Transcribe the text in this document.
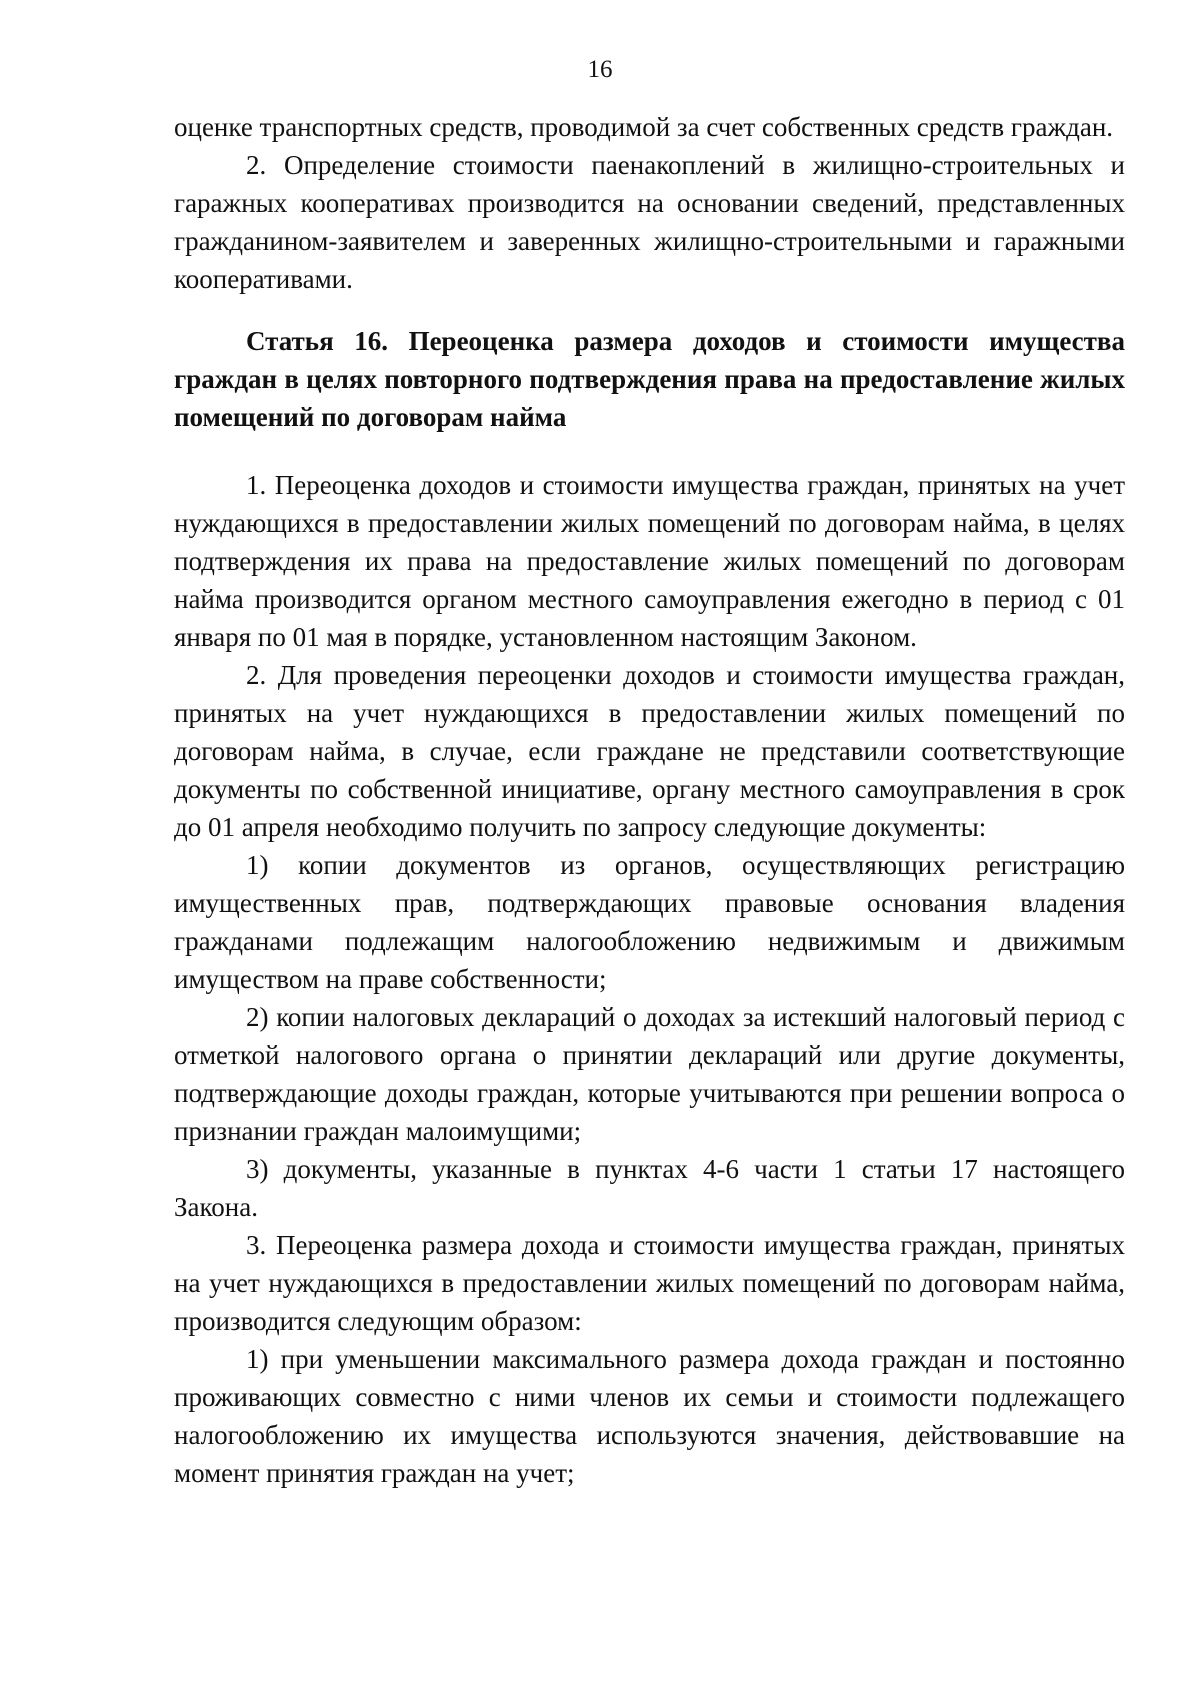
16

оценке транспортных средств, проводимой за счет собственных средств граждан.

2. Определение стоимости паенакоплений в жилищно-строительных и гаражных кооперативах производится на основании сведений, представленных гражданином-заявителем и заверенных жилищно-строительными и гаражными кооперативами.

Статья 16. Переоценка размера доходов и стоимости имущества граждан в целях повторного подтверждения права на предоставление жилых помещений по договорам найма

1. Переоценка доходов и стоимости имущества граждан, принятых на учет нуждающихся в предоставлении жилых помещений по договорам найма, в целях подтверждения их права на предоставление жилых помещений по договорам найма производится органом местного самоуправления ежегодно в период с 01 января по 01 мая в порядке, установленном настоящим Законом.

2. Для проведения переоценки доходов и стоимости имущества граждан, принятых на учет нуждающихся в предоставлении жилых помещений по договорам найма, в случае, если граждане не представили соответствующие документы по собственной инициативе, органу местного самоуправления в срок до 01 апреля необходимо получить по запросу следующие документы:

1) копии документов из органов, осуществляющих регистрацию имущественных прав, подтверждающих правовые основания владения гражданами подлежащим налогообложению недвижимым и движимым имуществом на праве собственности;

2) копии налоговых деклараций о доходах за истекший налоговый период с отметкой налогового органа о принятии деклараций или другие документы, подтверждающие доходы граждан, которые учитываются при решении вопроса о признании граждан малоимущими;

3) документы, указанные в пунктах 4-6 части 1 статьи 17 настоящего Закона.

3. Переоценка размера дохода и стоимости имущества граждан, принятых на учет нуждающихся в предоставлении жилых помещений по договорам найма, производится следующим образом:

1) при уменьшении максимального размера дохода граждан и постоянно проживающих совместно с ними членов их семьи и стоимости подлежащего налогообложению их имущества используются значения, действовавшие на момент принятия граждан на учет;
